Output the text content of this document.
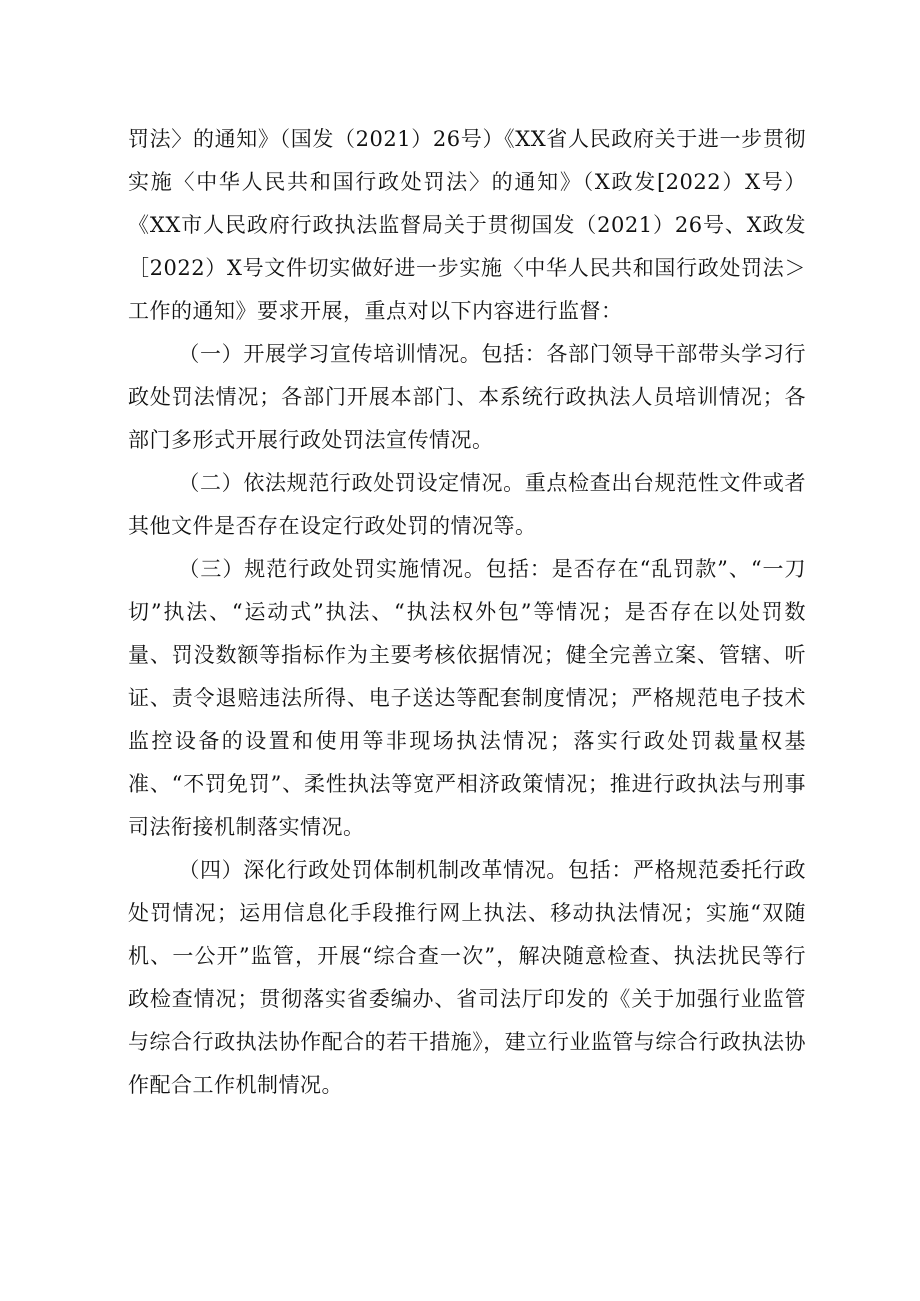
罚法〉的通知》（国发（2021）26号）《XX省人民政府关于进一步贯彻实施〈中华人民共和国行政处罚法〉的通知》（X政发[2022）X号）《XX市人民政府行政执法监督局关于贯彻国发（2021）26号、X政发［2022）X号文件切实做好进一步实施〈中华人民共和国行政处罚法＞工作的通知》要求开展，重点对以下内容进行监督：

（一）开展学习宣传培训情况。包括：各部门领导干部带头学习行政处罚法情况；各部门开展本部门、本系统行政执法人员培训情况；各部门多形式开展行政处罚法宣传情况。

（二）依法规范行政处罚设定情况。重点检查出台规范性文件或者其他文件是否存在设定行政处罚的情况等。

（三）规范行政处罚实施情况。包括：是否存在“乱罚款”、“一刀切”执法、“运动式”执法、“执法权外包”等情况；是否存在以处罚数量、罚没数额等指标作为主要考核依据情况；健全完善立案、管辖、听证、责令退赔违法所得、电子送达等配套制度情况；严格规范电子技术监控设备的设置和使用等非现场执法情况；落实行政处罚裁量权基准、“不罚免罚”、柔性执法等宽严相济政策情况；推进行政执法与刑事司法衔接机制落实情况。

（四）深化行政处罚体制机制改革情况。包括：严格规范委托行政处罚情况；运用信息化手段推行网上执法、移动执法情况；实施“双随机、一公开”监管，开展“综合查一次”，解决随意检查、执法扰民等行政检查情况；贯彻落实省委编办、省司法厅印发的《关于加强行业监管与综合行政执法协作配合的若干措施》，建立行业监管与综合行政执法协作配合工作机制情况。
